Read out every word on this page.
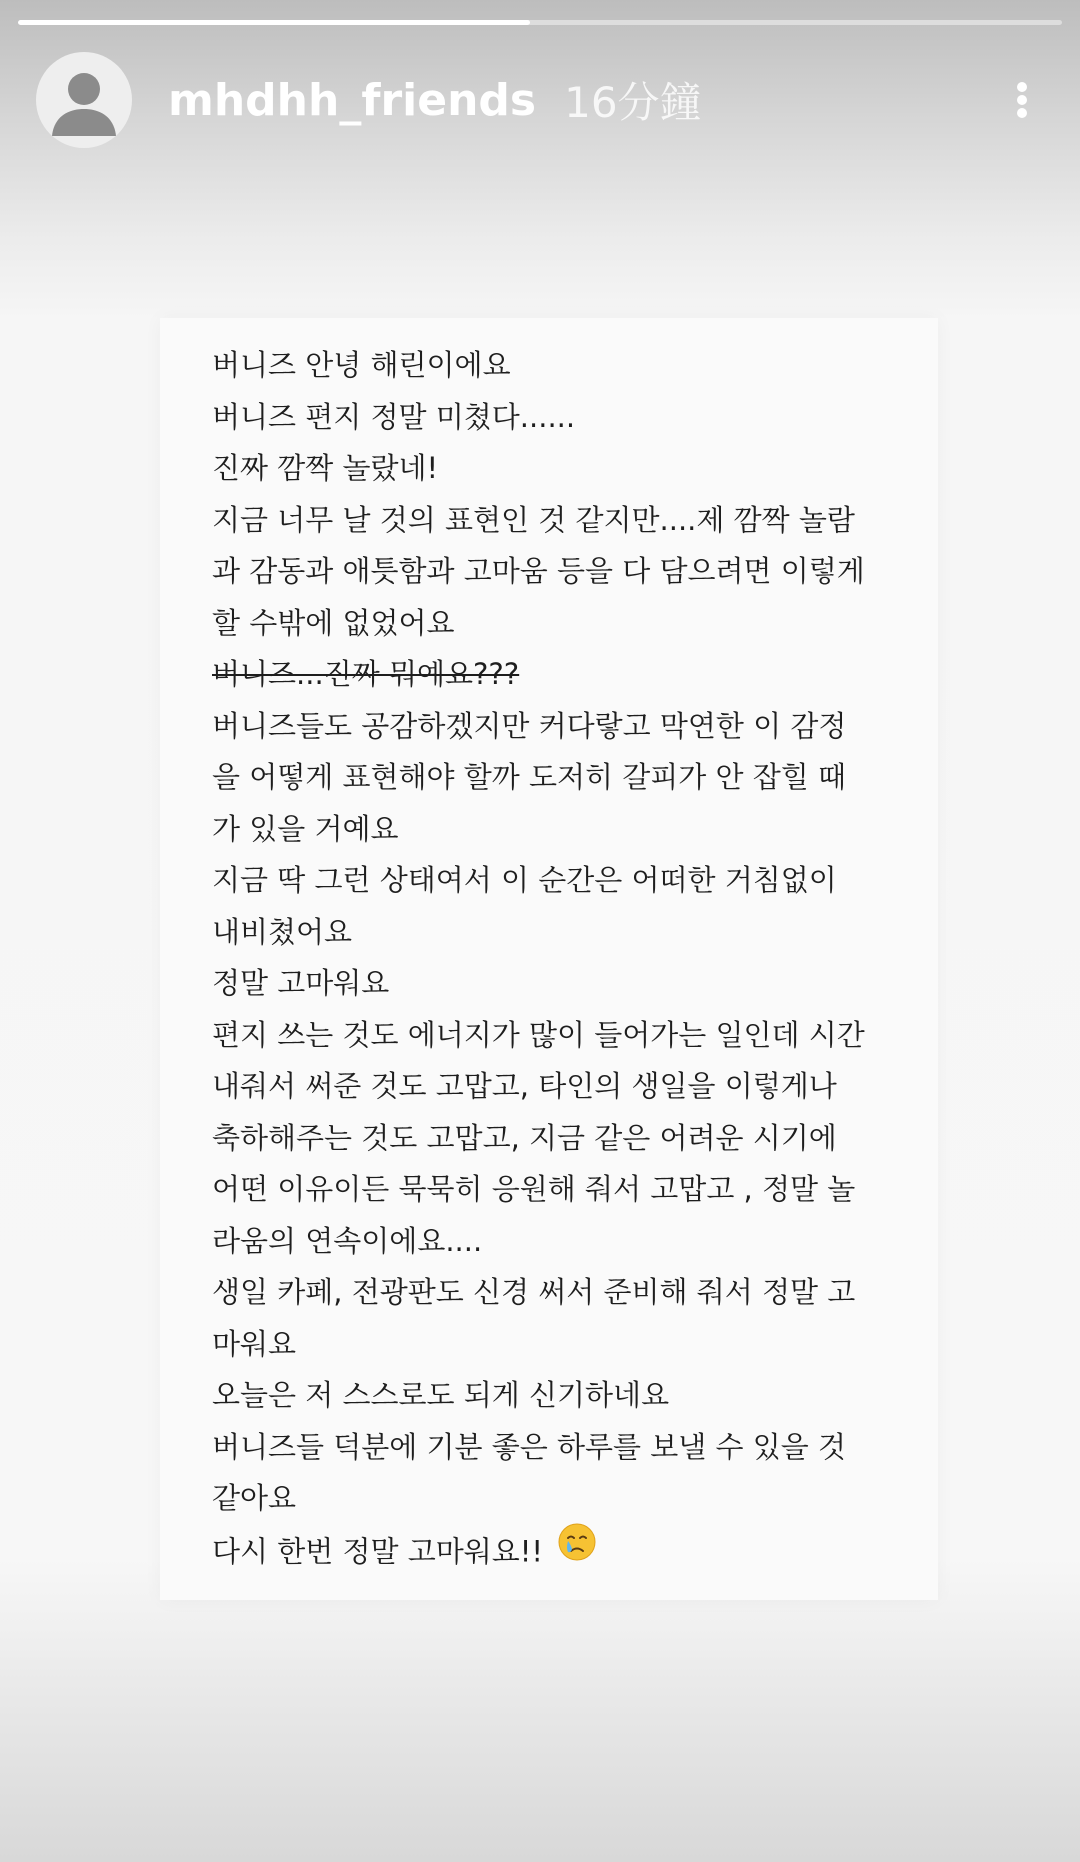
mhdhh_friends 16分鐘
버니즈 안녕 해린이에요
버니즈 편지 정말 미쳤다......
진짜 깜짝 놀랐네!
지금 너무 날 것의 표현인 것 같지만....제 깜짝 놀람
과 감동과 애틋함과 고마움 등을 다 담으려면 이렇게
할 수밖에 없었어요
버니즈...진짜 뭐예요???
버니즈들도 공감하겠지만 커다랗고 막연한 이 감정
을 어떻게 표현해야 할까 도저히 갈피가 안 잡힐 때
가 있을 거예요
지금 딱 그런 상태여서 이 순간은 어떠한 거침없이
내비쳤어요
정말 고마워요
편지 쓰는 것도 에너지가 많이 들어가는 일인데 시간
내줘서 써준 것도 고맙고, 타인의 생일을 이렇게나
축하해주는 것도 고맙고, 지금 같은 어려운 시기에
어떤 이유이든 묵묵히 응원해 줘서 고맙고 , 정말 놀
라움의 연속이에요....
생일 카페, 전광판도 신경 써서 준비해 줘서 정말 고
마워요
오늘은 저 스스로도 되게 신기하네요
버니즈들 덕분에 기분 좋은 하루를 보낼 수 있을 것
같아요
다시 한번 정말 고마워요!!
